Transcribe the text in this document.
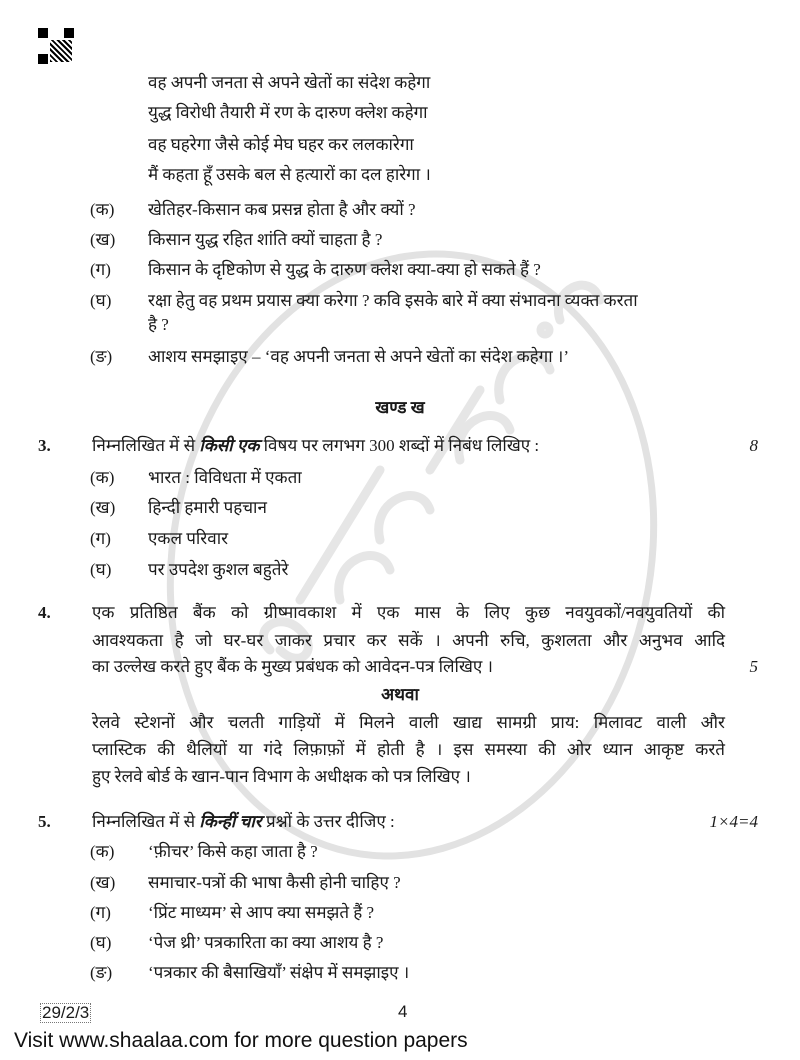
वह अपनी जनता से अपने खेतों का संदेश कहेगा
युद्ध विरोधी तैयारी में रण के दारुण क्लेश कहेगा
वह घहरेगा जैसे कोई मेघ घहर कर ललकारेगा
मैं कहता हूँ उसके बल से हत्यारों का दल हारेगा ।
(क) खेतिहर-किसान कब प्रसन्न होता है और क्यों ?
(ख) किसान युद्ध रहित शांति क्यों चाहता है ?
(ग) किसान के दृष्टिकोण से युद्ध के दारुण क्लेश क्या-क्या हो सकते हैं ?
(घ) रक्षा हेतु वह प्रथम प्रयास क्या करेगा ? कवि इसके बारे में क्या संभावना व्यक्त करता
है ?
(ङ) आशय समझाइए – ‘वह अपनी जनता से अपने खेतों का संदेश कहेगा ।’
खण्ड ख
3. निम्नलिखित में से किसी एक विषय पर लगभग 300 शब्दों में निबंध लिखिए :	8
(क) भारत : विविधता में एकता
(ख) हिन्दी हमारी पहचान
(ग) एकल परिवार
(घ) पर उपदेश कुशल बहुतेरे
4. एक प्रतिष्ठित बैंक को ग्रीष्मावकाश में एक मास के लिए कुछ नवयुवकों/नवयुवतियों की
आवश्यकता है जो घर-घर जाकर प्रचार कर सकें । अपनी रुचि, कुशलता और अनुभव आदि
का उल्लेख करते हुए बैंक के मुख्य प्रबंधक को आवेदन-पत्र लिखिए ।	5
अथवा
रेलवे स्टेशनों और चलती गाड़ियों में मिलने वाली खाद्य सामग्री प्राय: मिलावट वाली और
प्लास्टिक की थैलियों या गंदे लिफ़ाफ़ों में होती है । इस समस्या की ओर ध्यान आकृष्ट करते
हुए रेलवे बोर्ड के खान-पान विभाग के अधीक्षक को पत्र लिखिए ।
5. निम्नलिखित में से किन्हीं चार प्रश्नों के उत्तर दीजिए :	1×4=4
(क) ‘फ़ीचर’ किसे कहा जाता है ?
(ख) समाचार-पत्रों की भाषा कैसी होनी चाहिए ?
(ग) ‘प्रिंट माध्यम’ से आप क्या समझते हैं ?
(घ) ‘पेज थ्री’ पत्रकारिता का क्या आशय है ?
(ङ) ‘पत्रकार की बैसाखियाँ’ संक्षेप में समझाइए ।
29/2/3	4
Visit www.shaalaa.com for more question papers
